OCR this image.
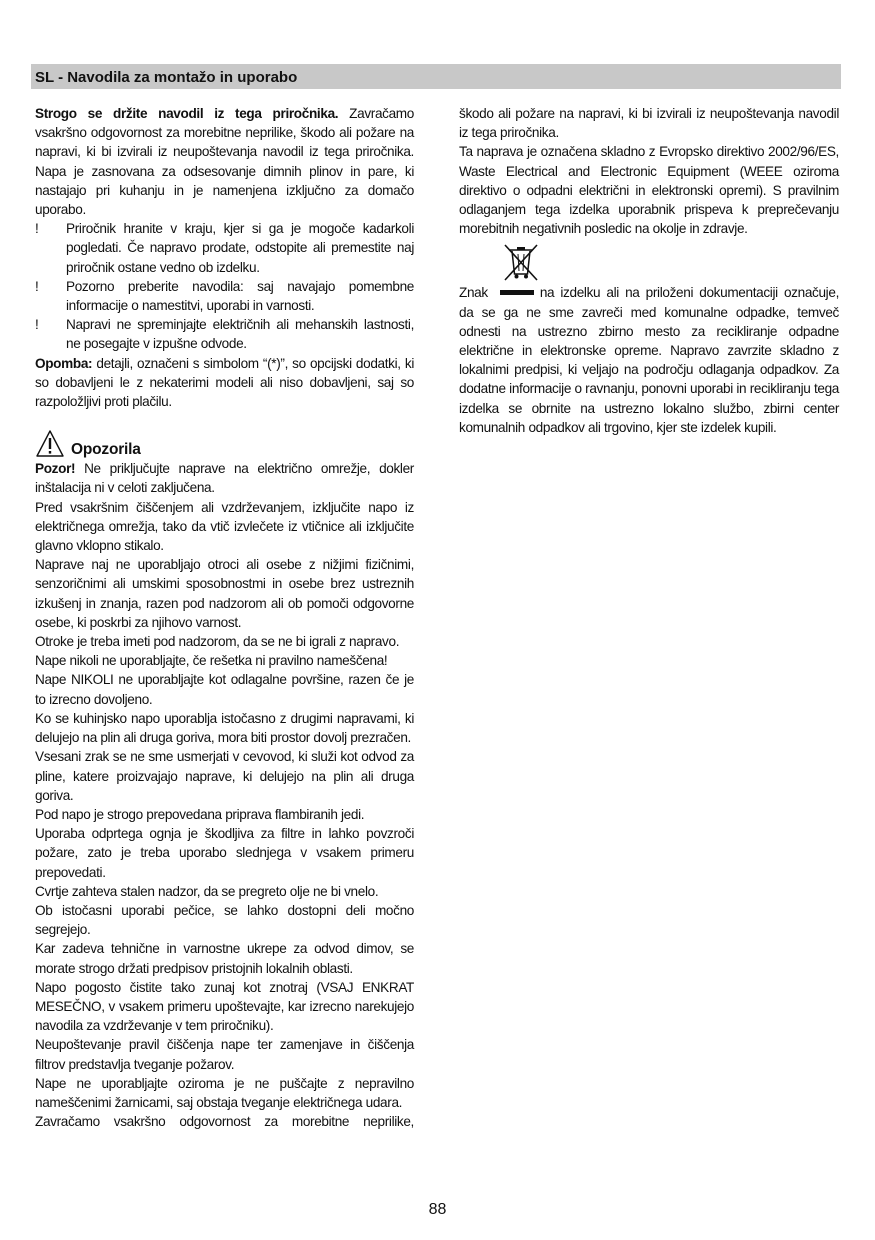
SL - Navodila za montažo in uporabo

Strogo se držite navodil iz tega priročnika. Zavračamo vsakršno odgovornost za morebitne neprilike, škodo ali požare na napravi, ki bi izvirali iz neupoštevanja navodil iz tega priročnika. Napa je zasnovana za odsesovanje dimnih plinov in pare, ki nastajajo pri kuhanju in je namenjena izključno za domačo uporabo.

! Priročnik hranite v kraju, kjer si ga je mogoče kadarkoli pogledati. Če napravo prodate, odstopite ali premestite naj priročnik ostane vedno ob izdelku.

! Pozorno preberite navodila: saj navajajo pomembne informacije o namestitvi, uporabi in varnosti.

! Napravi ne spreminjajte električnih ali mehanskih lastnosti, ne posegajte v izpušne odvode.

Opomba: detajli, označeni s simbolom “(*)”, so opcijski dodatki, ki so dobavljeni le z nekaterimi modeli ali niso dobavljeni, saj so razpoložljivi proti plačilu.

Opozorila

Pozor! Ne priključujte naprave na električno omrežje, dokler inštalacija ni v celoti zaključena.

Pred vsakršnim čiščenjem ali vzdrževanjem, izključite napo iz električnega omrežja, tako da vtič izvlečete iz vtičnice ali izključite glavno vklopno stikalo.

Naprave naj ne uporabljajo otroci ali osebe z nižjimi fizičnimi, senzoričnimi ali umskimi sposobnostmi in osebe brez ustreznih izkušenj in znanja, razen pod nadzorom ali ob pomoči odgovorne osebe, ki poskrbi za njihovo varnost.

Otroke je treba imeti pod nadzorom, da se ne bi igrali z napravo.

Nape nikoli ne uporabljajte, če rešetka ni pravilno nameščena!

Nape NIKOLI ne uporabljajte kot odlagalne površine, razen če je to izrecno dovoljeno.

Ko se kuhinjsko napo uporablja istočasno z drugimi napravami, ki delujejo na plin ali druga goriva, mora biti prostor dovolj prezračen.

Vsesani zrak se ne sme usmerjati v cevovod, ki služi kot odvod za pline, katere proizvajajo naprave, ki delujejo na plin ali druga goriva.

Pod napo je strogo prepovedana priprava flambiranih jedi.

Uporaba odprtega ognja je škodljiva za filtre in lahko povzroči požare, zato je treba uporabo slednjega v vsakem primeru prepovedati.

Cvrtje zahteva stalen nadzor, da se pregreto olje ne bi vnelo.

Ob istočasni uporabi pečice, se lahko dostopni deli močno segrejejo.

Kar zadeva tehnične in varnostne ukrepe za odvod dimov, se morate strogo držati predpisov pristojnih lokalnih oblasti.

Napo pogosto čistite tako zunaj kot znotraj (VSAJ ENKRAT MESEČNO, v vsakem primeru upoštevajte, kar izrecno narekujejo navodila za vzdrževanje v tem priročniku).

Neupoštevanje pravil čiščenja nape ter zamenjave in čiščenja filtrov predstavlja tveganje požarov.

Nape ne uporabljajte oziroma je ne puščajte z nepravilno nameščenimi žarnicami, saj obstaja tveganje električnega udara.

Zavračamo vsakršno odgovornost za morebitne neprilike,

škodo ali požare na napravi, ki bi izvirali iz neupoštevanja navodil iz tega priročnika.

Ta naprava je označena skladno z Evropsko direktivo 2002/96/ES, Waste Electrical and Electronic Equipment (WEEE oziroma direktivo o odpadni električni in elektronski opremi). S pravilnim odlaganjem tega izdelka uporabnik prispeva k preprečevanju morebitnih negativnih posledic na okolje in zdravje.

Znak	na izdelku ali na priloženi dokumentaciji označuje, da se ga ne sme zavreči med komunalne odpadke, temveč odnesti na ustrezno zbirno mesto za recikliranje odpadne električne in elektronske opreme. Napravo zavrzite skladno z lokalnimi predpisi, ki veljajo na področju odlaganja odpadkov. Za dodatne informacije o ravnanju, ponovni uporabi in recikliranju tega izdelka se obrnite na ustrezno lokalno službo, zbirni center komunalnih odpadkov ali trgovino, kjer ste izdelek kupili.

88
